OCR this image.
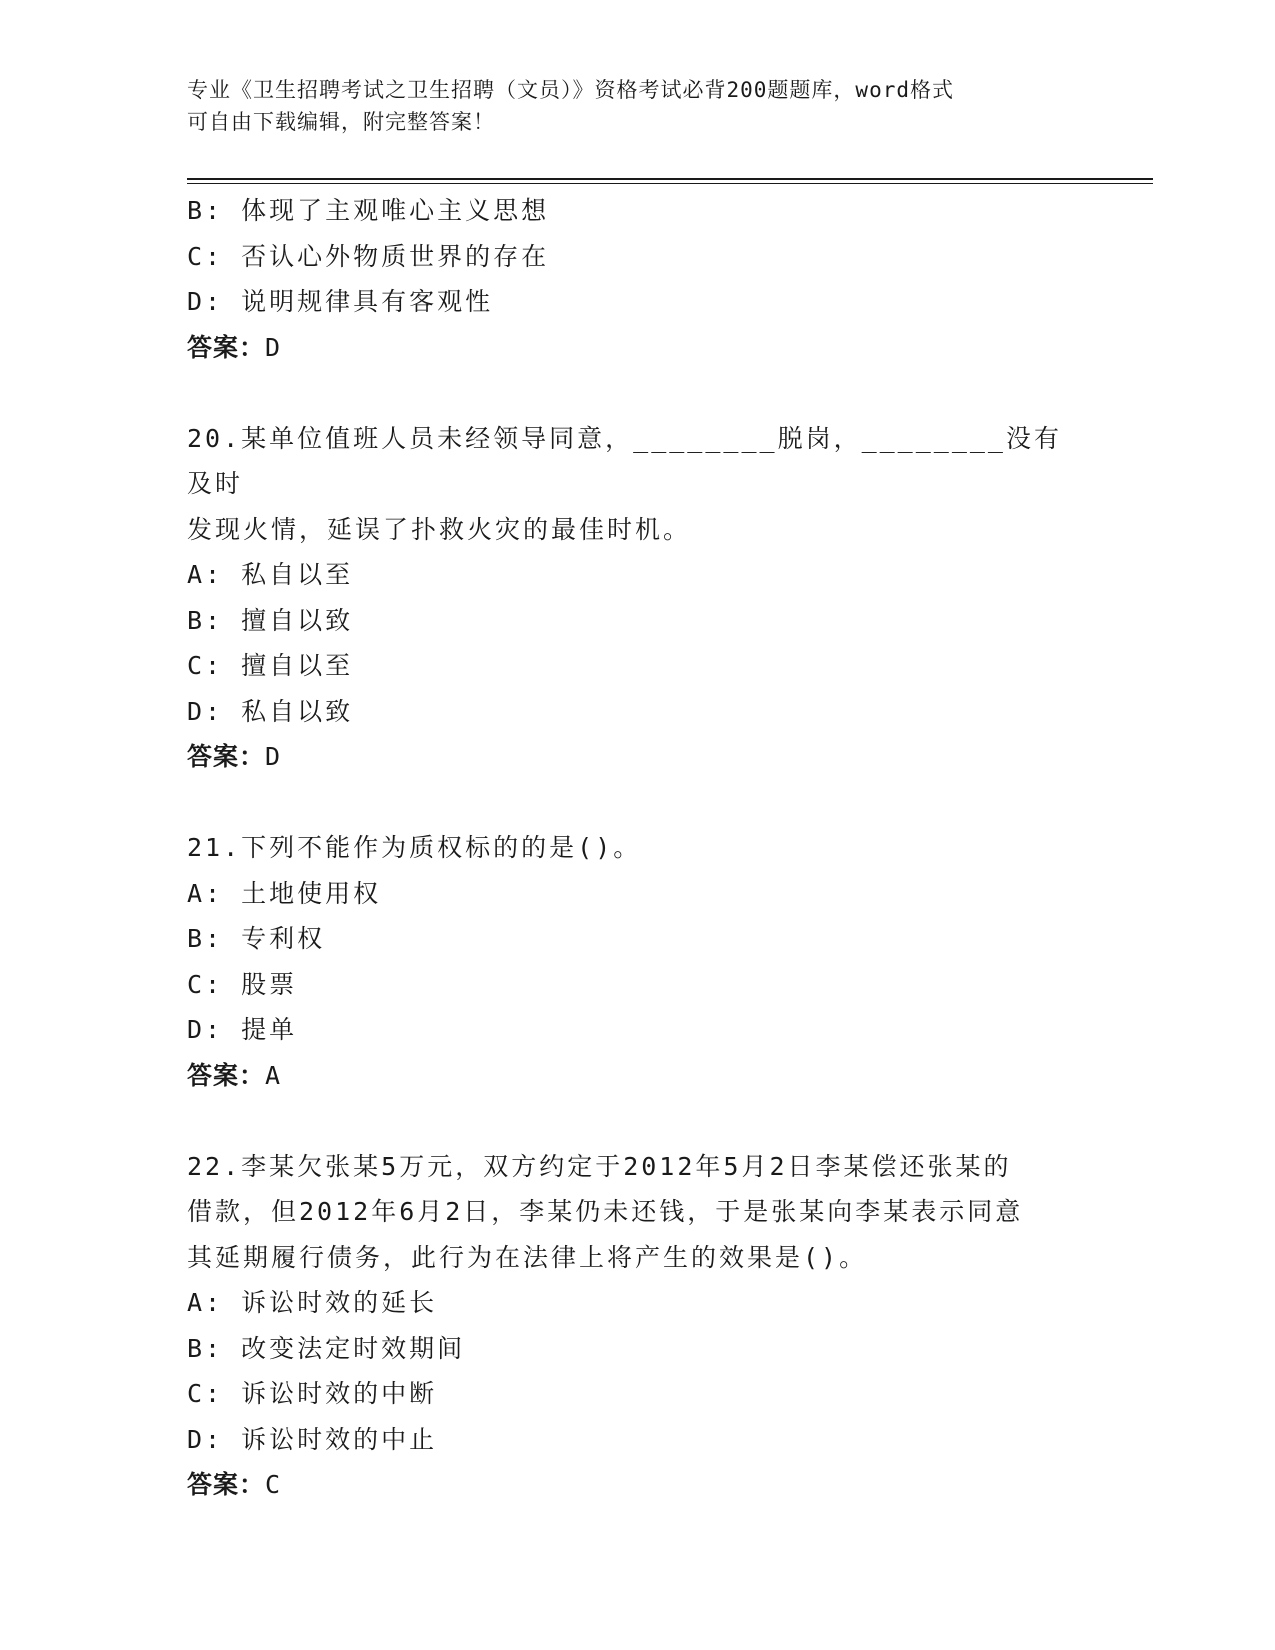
专业《卫生招聘考试之卫生招聘（文员）》资格考试必背200题题库，word格式
可自由下载编辑，附完整答案！
B: 体现了主观唯心主义思想
C: 否认心外物质世界的存在
D: 说明规律具有客观性
答案：D
20.某单位值班人员未经领导同意，________脱岗，________没有及时
发现火情，延误了扑救火灾的最佳时机。
A: 私自以至
B: 擅自以致
C: 擅自以至
D: 私自以致
答案：D
21.下列不能作为质权标的的是()。
A: 土地使用权
B: 专利权
C: 股票
D: 提单
答案：A
22.李某欠张某5万元，双方约定于2012年5月2日李某偿还张某的
借款，但2012年6月2日，李某仍未还钱，于是张某向李某表示同意
其延期履行债务，此行为在法律上将产生的效果是()。
A: 诉讼时效的延长
B: 改变法定时效期间
C: 诉讼时效的中断
D: 诉讼时效的中止
答案：C
